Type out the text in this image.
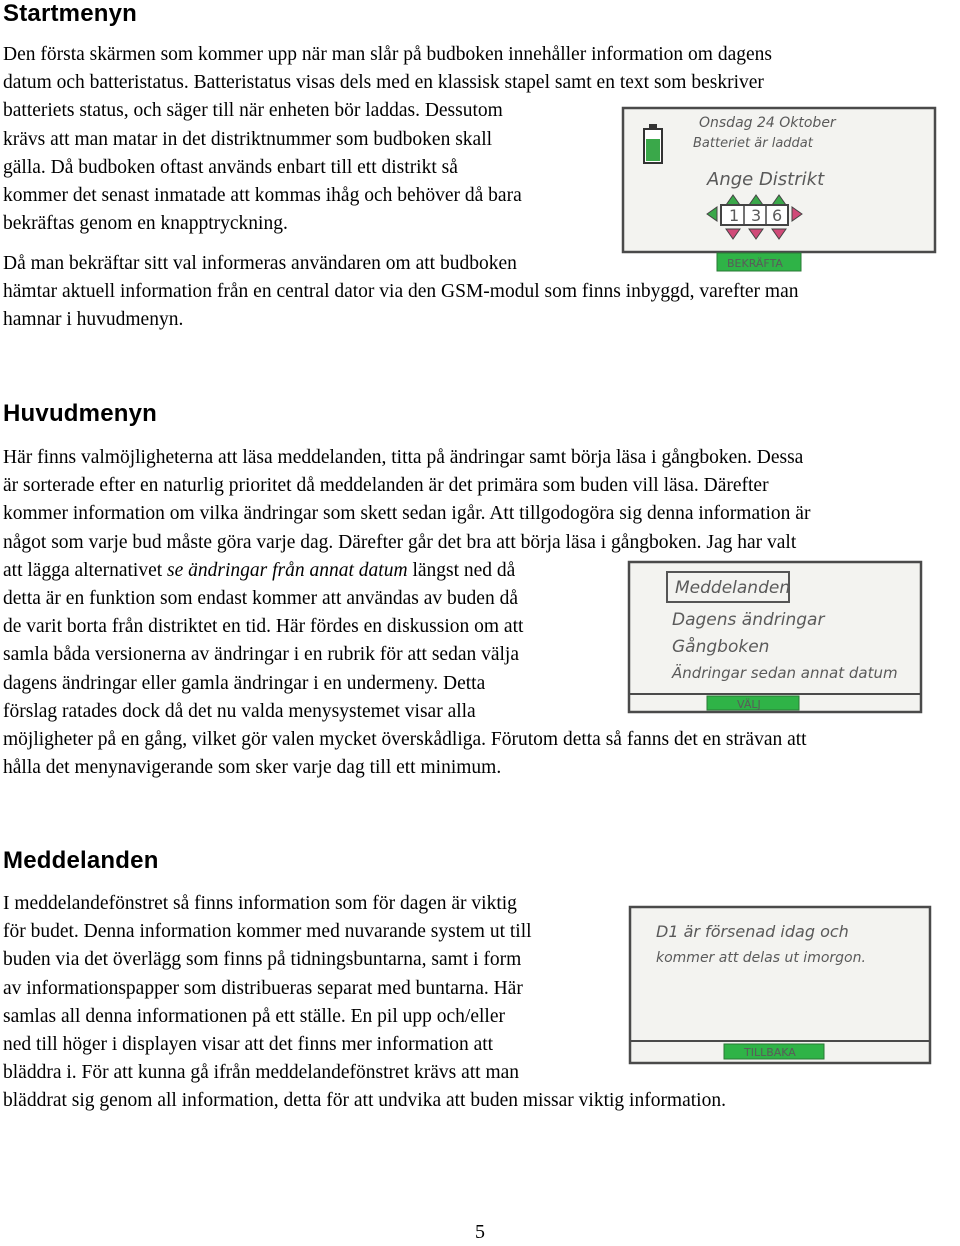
Startmenyn
Den första skärmen som kommer upp när man slår på budboken innehåller information om dagens
datum och batteristatus. Batteristatus visas dels med en klassisk stapel samt en text som beskriver
batteriets status, och säger till när enheten bör laddas. Dessutom
krävs att man matar in det distriktnummer som budboken skall
gälla. Då budboken oftast används enbart till ett distrikt så
kommer det senast inmatade att kommas ihåg och behöver då bara
bekräftas genom en knapptryckning.
Då man bekräftar sitt val informeras användaren om att budboken
hämtar aktuell information från en central dator via den GSM-modul som finns inbyggd, varefter man
hamnar i huvudmenyn.
Onsdag 24 Oktober
Batteriet är laddat
Ange Distrikt
1 3 6
BEKRÄFTA
Huvudmenyn
Här finns valmöjligheterna att läsa meddelanden, titta på ändringar samt börja läsa i gångboken. Dessa
är sorterade efter en naturlig prioritet då meddelanden är det primära som buden vill läsa. Därefter
kommer information om vilka ändringar som skett sedan igår. Att tillgodogöra sig denna information är
något som varje bud måste göra varje dag. Därefter går det bra att börja läsa i gångboken. Jag har valt
att lägga alternativet se ändringar från annat datum längst ned då
detta är en funktion som endast kommer att användas av buden då
de varit borta från distriktet en tid. Här fördes en diskussion om att
samla båda versionerna av ändringar i en rubrik för att sedan välja
dagens ändringar eller gamla ändringar i en undermeny. Detta
förslag ratades dock då det nu valda menysystemet visar alla
möjligheter på en gång, vilket gör valen mycket överskådliga. Förutom detta så fanns det en strävan att
hålla det menynavigerande som sker varje dag till ett minimum.
Meddelanden
Dagens ändringar
Gångboken
Ändringar sedan annat datum
VÄLJ
Meddelanden
I meddelandefönstret så finns information som för dagen är viktig
för budet. Denna information kommer med nuvarande system ut till
buden via det överlägg som finns på tidningsbuntarna, samt i form
av informationspapper som distribueras separat med buntarna. Här
samlas all denna informationen på ett ställe. En pil upp och/eller
ned till höger i displayen visar att det finns mer information att
bläddra i. För att kunna gå ifrån meddelandefönstret krävs att man
bläddrat sig genom all information, detta för att undvika att buden missar viktig information.
D1 är försenad idag och
kommer att delas ut imorgon.
TILLBAKA
5
